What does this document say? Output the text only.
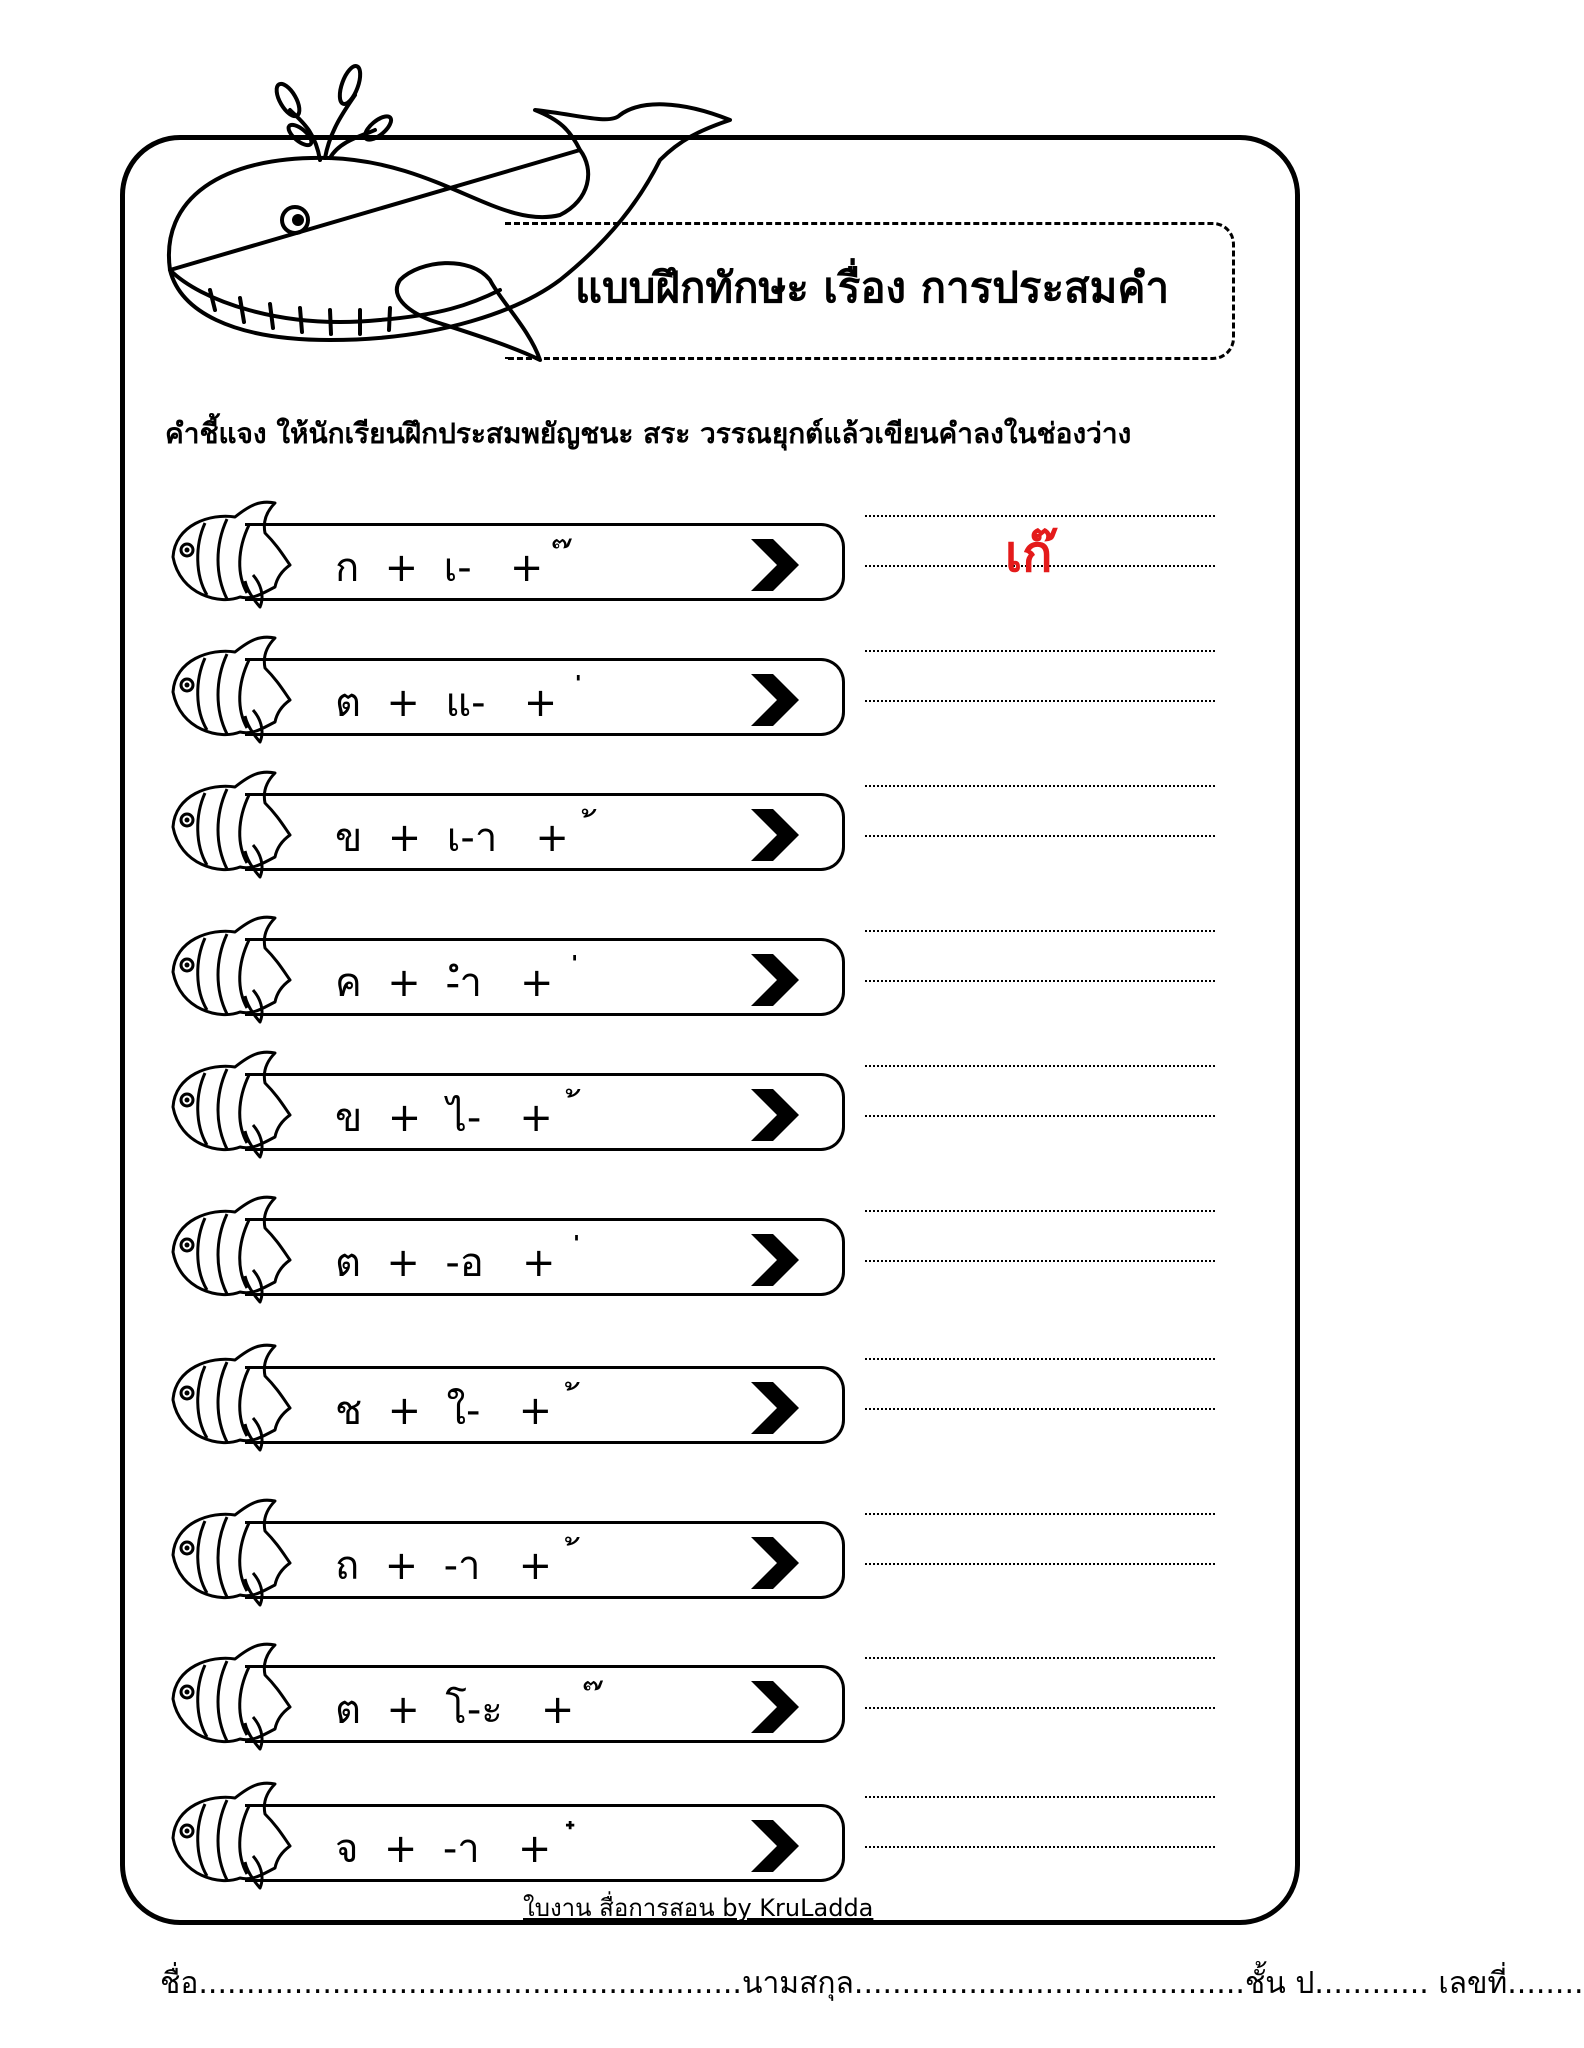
แบบฝึกทักษะ เรื่อง การประสมคำ
คำชี้แจง ให้นักเรียนฝึกประสมพยัญชนะ สระ วรรณยุกต์แล้วเขียนคำลงในช่องว่าง
ก  +  เ-   +  ๊	เก๊
ต  +  แ-   +  ่
ข  +  เ-า   +  ้
ค  +  -ำ   +  ่
ข  +  ไ-   +  ้
ต  +  -อ   +  ่
ช  +  ใ-   +  ้
ถ  +  -า   +  ้
ต  +  โ-ะ   +  ๊
จ  +  -า   +  ๋
ใบงาน สื่อการสอน by KruLadda
ชื่อ.........................................................นามสกุล.........................................ชั้น ป............ เลขที่........
